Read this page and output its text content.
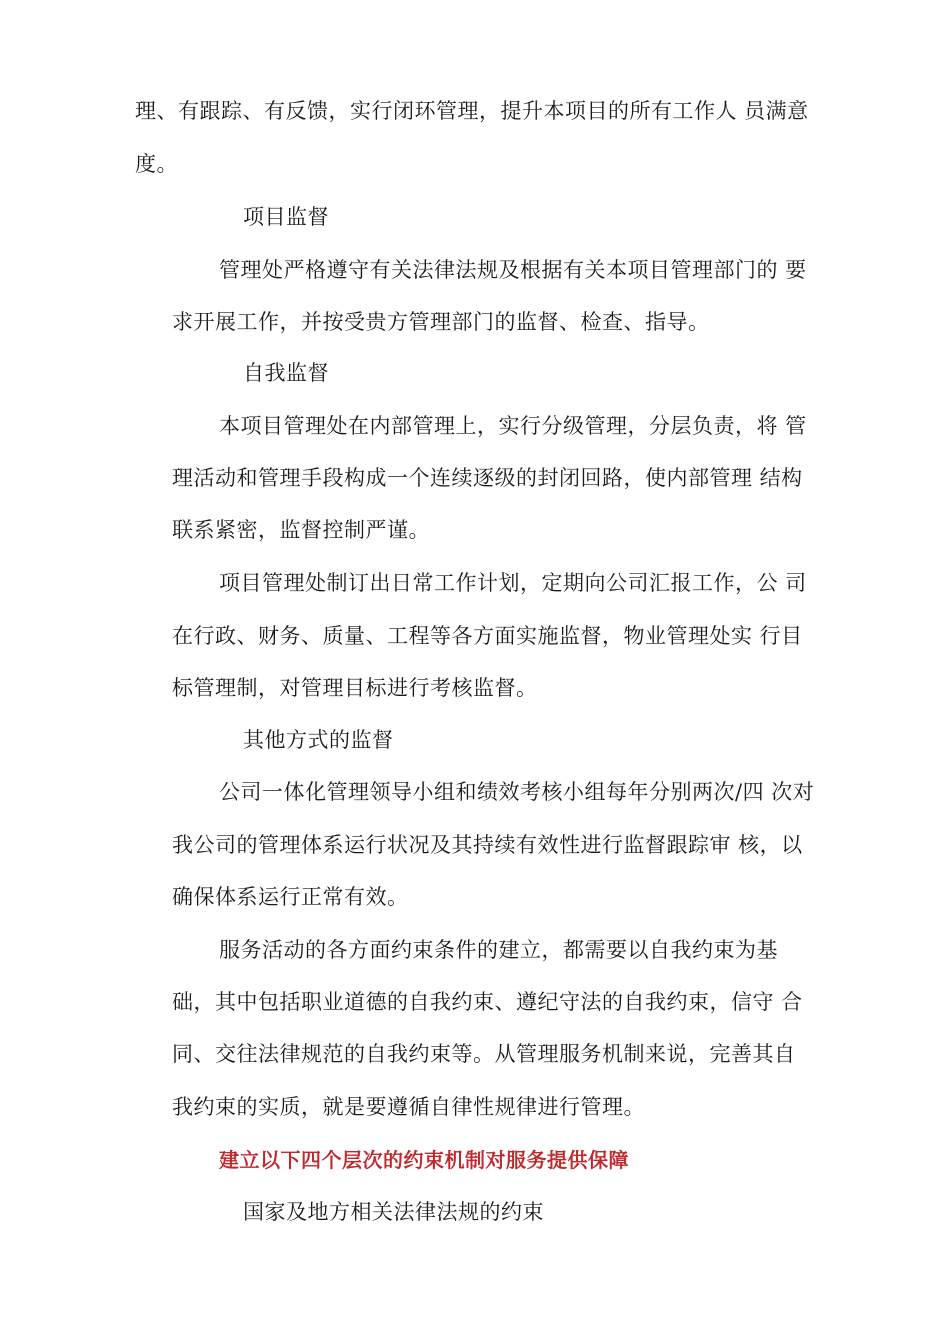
理、有跟踪、有反馈，实行闭环管理，提升本项目的所有工作人 员满意
度。
项目监督
管理处严格遵守有关法律法规及根据有关本项目管理部门的 要
求开展工作，并按受贵方管理部门的监督、检查、指导。
自我监督
本项目管理处在内部管理上，实行分级管理，分层负责，将 管
理活动和管理手段构成一个连续逐级的封闭回路，使内部管理 结构
联系紧密，监督控制严谨。
项目管理处制订出日常工作计划，定期向公司汇报工作，公 司
在行政、财务、质量、工程等各方面实施监督，物业管理处实 行目
标管理制，对管理目标进行考核监督。
其他方式的监督
公司一体化管理领导小组和绩效考核小组每年分别两次/四 次对
我公司的管理体系运行状况及其持续有效性进行监督跟踪审 核，以
确保体系运行正常有效。
服务活动的各方面约束条件的建立，都需要以自我约束为基
础，其中包括职业道德的自我约束、遵纪守法的自我约束，信守 合
同、交往法律规范的自我约束等。从管理服务机制来说，完善其自
我约束的实质，就是要遵循自律性规律进行管理。
建立以下四个层次的约束机制对服务提供保障
国家及地方相关法律法规的约束
